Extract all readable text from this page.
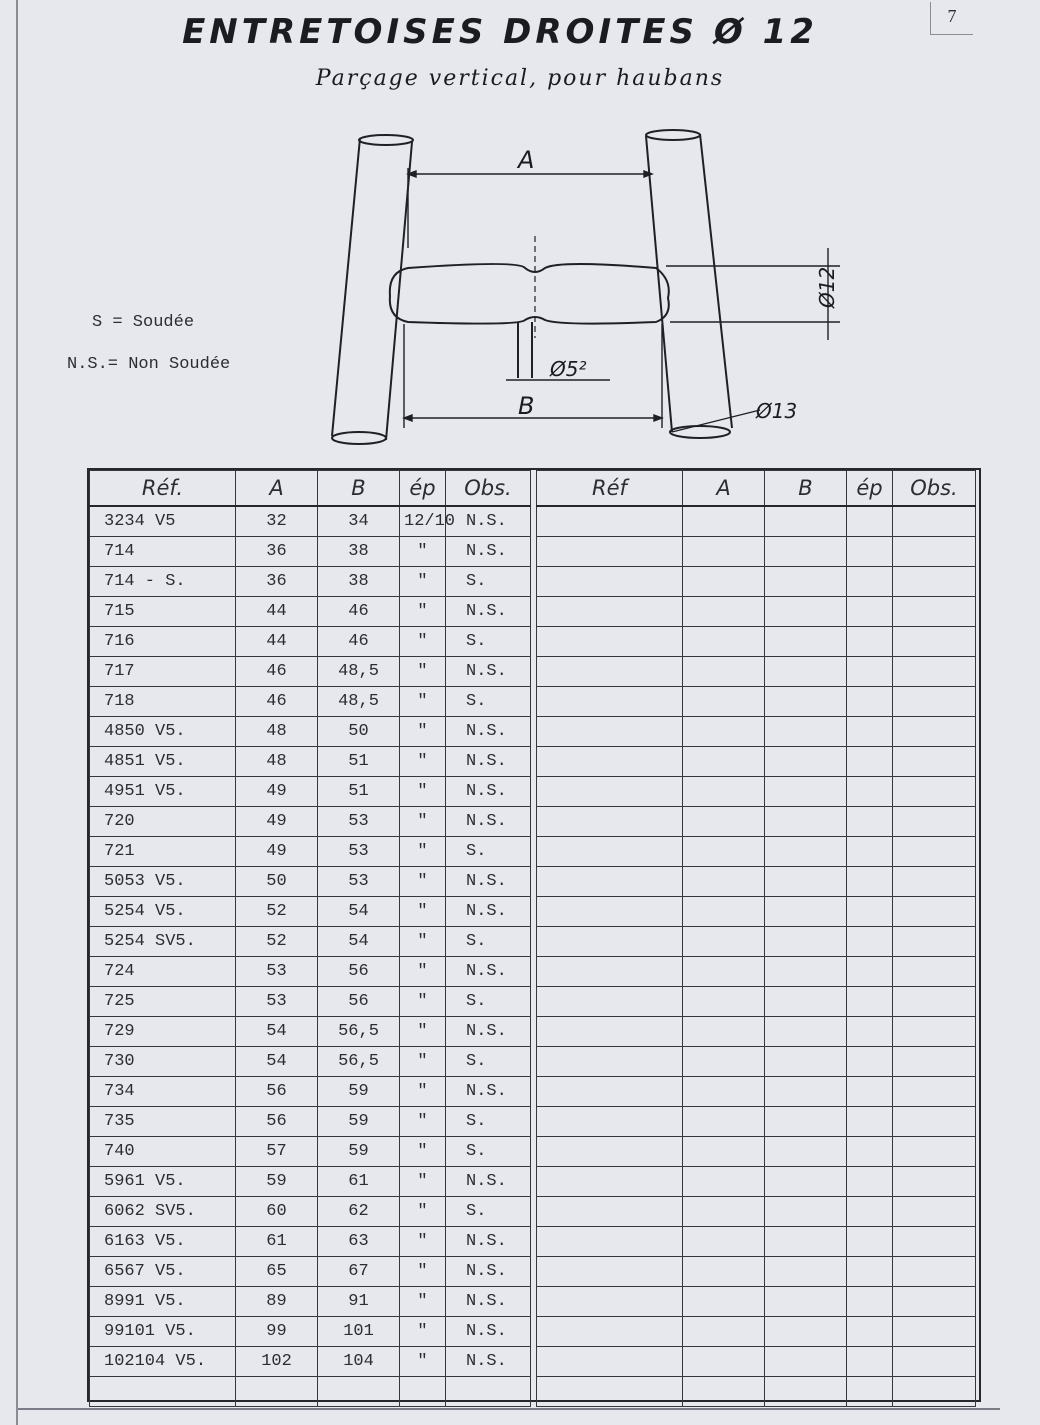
7
ENTRETOISES DROITES Ø 12
Parçage vertical, pour haubans
S = Soudée
N.S.= Non Soudée
A
B
Ø12
Ø5²
Ø13
Réf.	A	B	ép	Obs.
3234 V5	32	34	12/10	N.S.
714	36	38	"	N.S.
714 - S.	36	38	"	S.
715	44	46	"	N.S.
716	44	46	"	S.
717	46	48,5	"	N.S.
718	46	48,5	"	S.
4850 V5.	48	50	"	N.S.
4851 V5.	48	51	"	N.S.
4951 V5.	49	51	"	N.S.
720	49	53	"	N.S.
721	49	53	"	S.
5053 V5.	50	53	"	N.S.
5254 V5.	52	54	"	N.S.
5254 SV5.	52	54	"	S.
724	53	56	"	N.S.
725	53	56	"	S.
729	54	56,5	"	N.S.
730	54	56,5	"	S.
734	56	59	"	N.S.
735	56	59	"	S.
740	57	59	"	S.
5961 V5.	59	61	"	N.S.
6062 SV5.	60	62	"	S.
6163 V5.	61	63	"	N.S.
6567 V5.	65	67	"	N.S.
8991 V5.	89	91	"	N.S.
99101 V5.	99	101	"	N.S.
102104 V5.	102	104	"	N.S.

Réf	A	B	ép	Obs.
